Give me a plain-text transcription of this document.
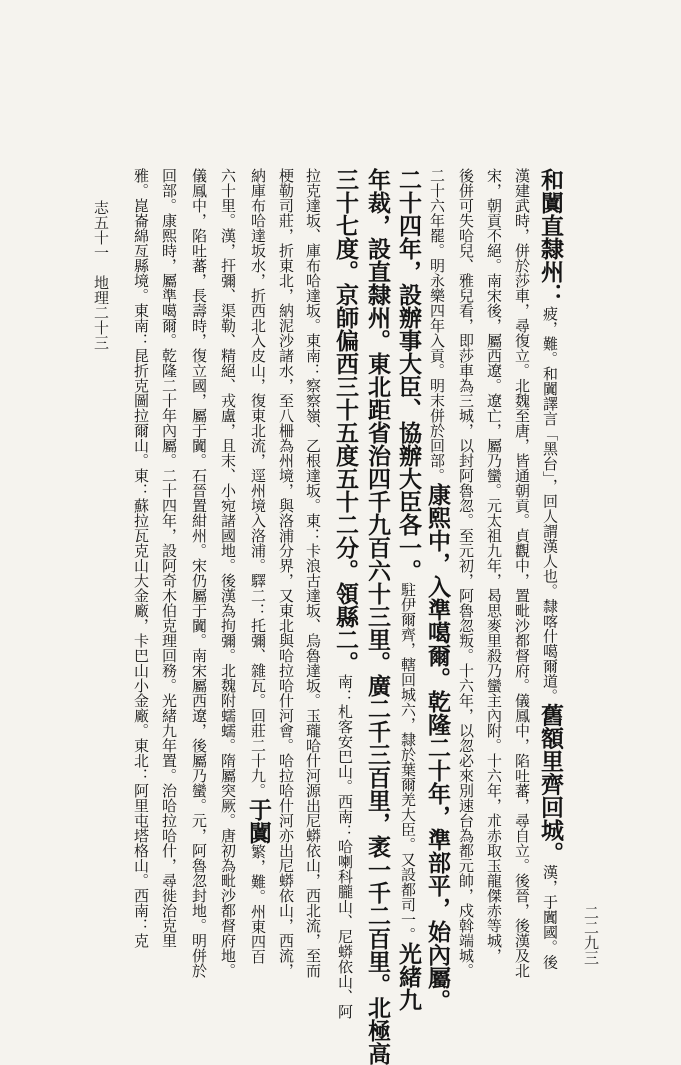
和闐直隸州：疲，難。和闐譯言「黑台」，回人謂漢人也。隸喀什噶爾道。舊額里齊回城。漢，于闐國。後
漢建武時，併於莎車，尋復立。北魏至唐，皆通朝貢。貞觀中，置毗沙都督府。儀鳳中，陷吐蕃，尋自立。後晉，後漢及北
宋，朝貢不絕。南宋後，屬西遼。遼亡，屬乃蠻。元太祖九年，曷思麥里殺乃蠻主內附。十六年，朮赤取玉龍傑赤等城，
後併可失哈兒、雅兒看，即莎車為三城，以封阿魯忽。至元初，阿魯忽叛。十六年，以忽必來別速台為都元帥，戍斡端城。
二十六年罷。明永樂四年入貢。明末併於回部。康熙中，入準噶爾。乾隆二十年，準部平，始內屬。
二十四年，設辦事大臣、協辦大臣各一。駐伊爾齊，轄回城六，隸於葉爾羌大臣。又設都司一。光緒九
年裁，設直隸州。東北距省治四千九百六十三里。廣二千三百里，袤一千二百里。北極高
三十七度。京師偏西三十五度五十二分。領縣二。南：札客安巴山。西南：哈喇科朧山、尼蟒依山、阿
拉克達坂、庫布哈達坂。東南：察察嶺、乙根達坂。東：卡浪古達坂、烏魯達坂。玉瓏哈什河源出尼蟒依山，西北流，至而
梗勒司莊，折東北，納泥沙諸水，至八柵為州境，與洛浦分界，又東北與哈拉哈什河會。哈拉哈什河亦出尼蟒依山，西流，
納庫布哈達坂水，折西北入皮山，復東北流，逕州境入洛浦。驛二：托彌、雜瓦。回莊二十九。于闐繁，難。州東四百
六十里。漢，扞彌、渠勒、精絕、戎盧，且末、小宛諸國地。後漢為拘彌。北魏附蠕蠕。隋屬突厥。唐初為毗沙都督府地。
儀鳳中，陷吐蕃，長壽時，復立國，屬于闐。石晉置紺州。宋仍屬于闐。南宋屬西遼，後屬乃蠻。元，阿魯忽封地。明併於
回部。康熙時，屬準噶爾。乾隆二十年內屬。二十四年，設阿奇木伯克理回務。光緒九年置。治哈拉哈什，尋徙治克里
雅。崑崙綿亙縣境。東南：昆折克圖拉爾山。東：蘇拉瓦克山大金廠，卡巴山小金廠。東北：阿里屯塔格山。西南：克
志五十一　地理二十三
二二九三
